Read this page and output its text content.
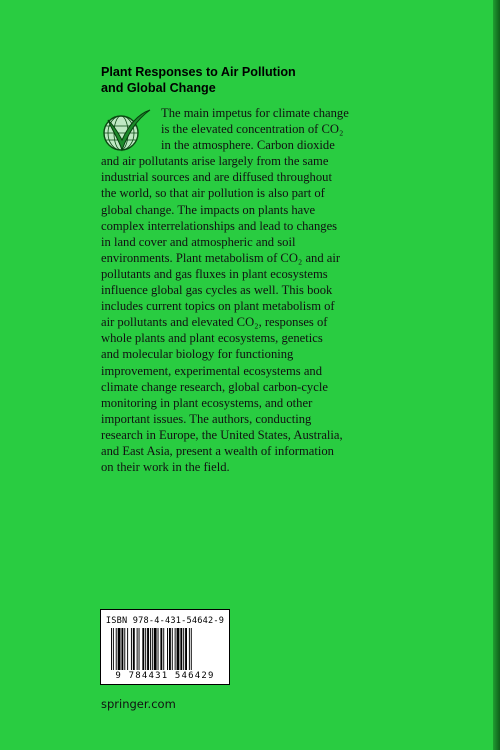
Plant Responses to Air Pollution
and Global Change
The main impetus for climate change
is the elevated concentration of CO₂
in the atmosphere. Carbon dioxide
and air pollutants arise largely from the same
industrial sources and are diffused throughout
the world, so that air pollution is also part of
global change. The impacts on plants have
complex interrelationships and lead to changes
in land cover and atmospheric and soil
environments. Plant metabolism of CO₂ and air
pollutants and gas fluxes in plant ecosystems
influence global gas cycles as well. This book
includes current topics on plant metabolism of
air pollutants and elevated CO₂, responses of
whole plants and plant ecosystems, genetics
and molecular biology for functioning
improvement, experimental ecosystems and
climate change research, global carbon-cycle
monitoring in plant ecosystems, and other
important issues. The authors, conducting
research in Europe, the United States, Australia,
and East Asia, present a wealth of information
on their work in the field.
ISBN 978-4-431-54642-9
9 784431 546429
springer.com
